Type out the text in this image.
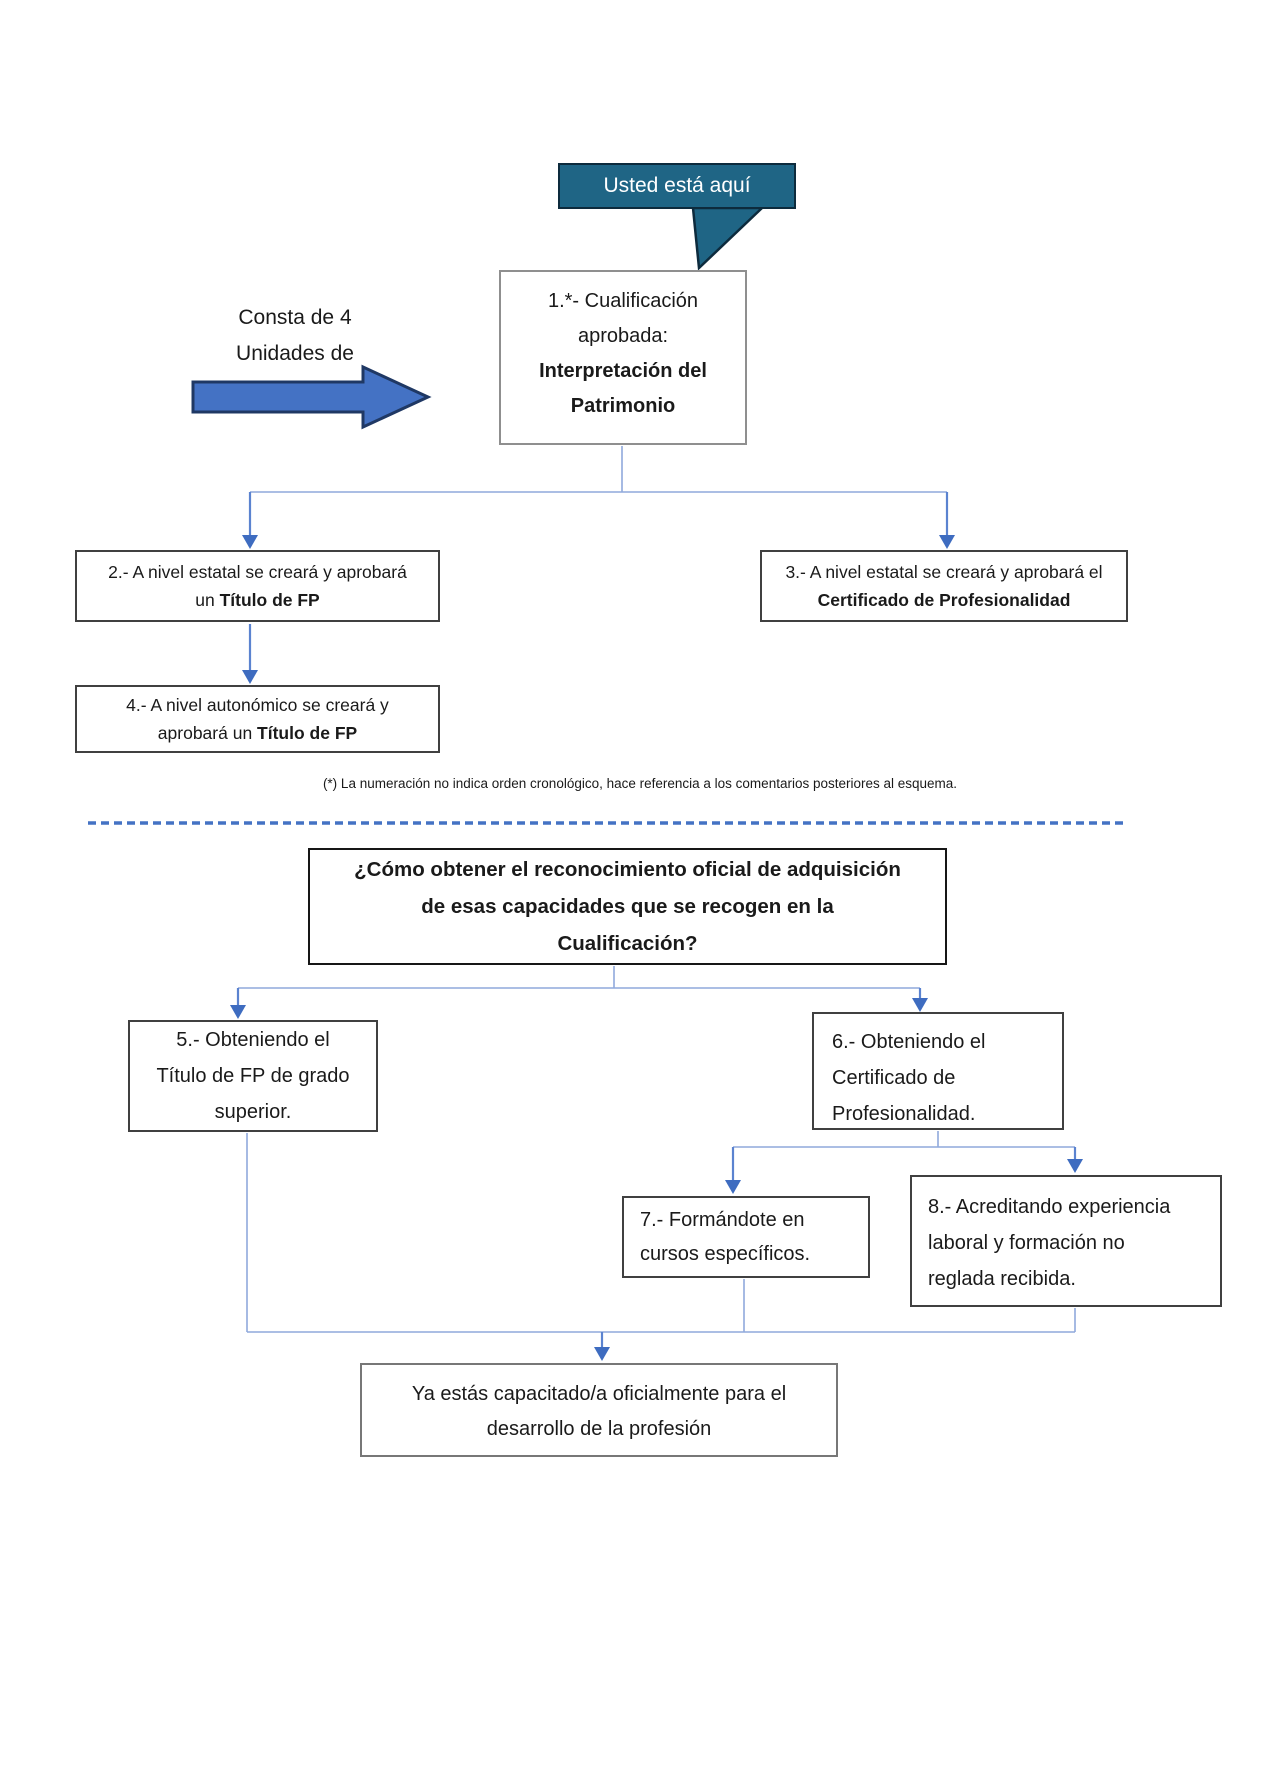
Usted está aquí
Consta de 4
Unidades de
1.*- Cualificación
aprobada:
Interpretación del
Patrimonio
2.- A nivel estatal se creará y aprobará
un Título de FP
3.- A nivel estatal se creará y aprobará el
Certificado de Profesionalidad
4.- A nivel autonómico se creará y
aprobará un Título de FP
(*) La numeración no indica orden cronológico, hace referencia a los comentarios posteriores al esquema.
¿Cómo obtener el reconocimiento oficial de adquisición
de esas capacidades que se recogen en la
Cualificación?
5.- Obteniendo el
Título de FP de grado
superior.
6.- Obteniendo el
Certificado de
Profesionalidad.
7.- Formándote en
cursos específicos.
8.- Acreditando experiencia
laboral y formación no
reglada recibida.
Ya estás capacitado/a oficialmente para el
desarrollo de la profesión
